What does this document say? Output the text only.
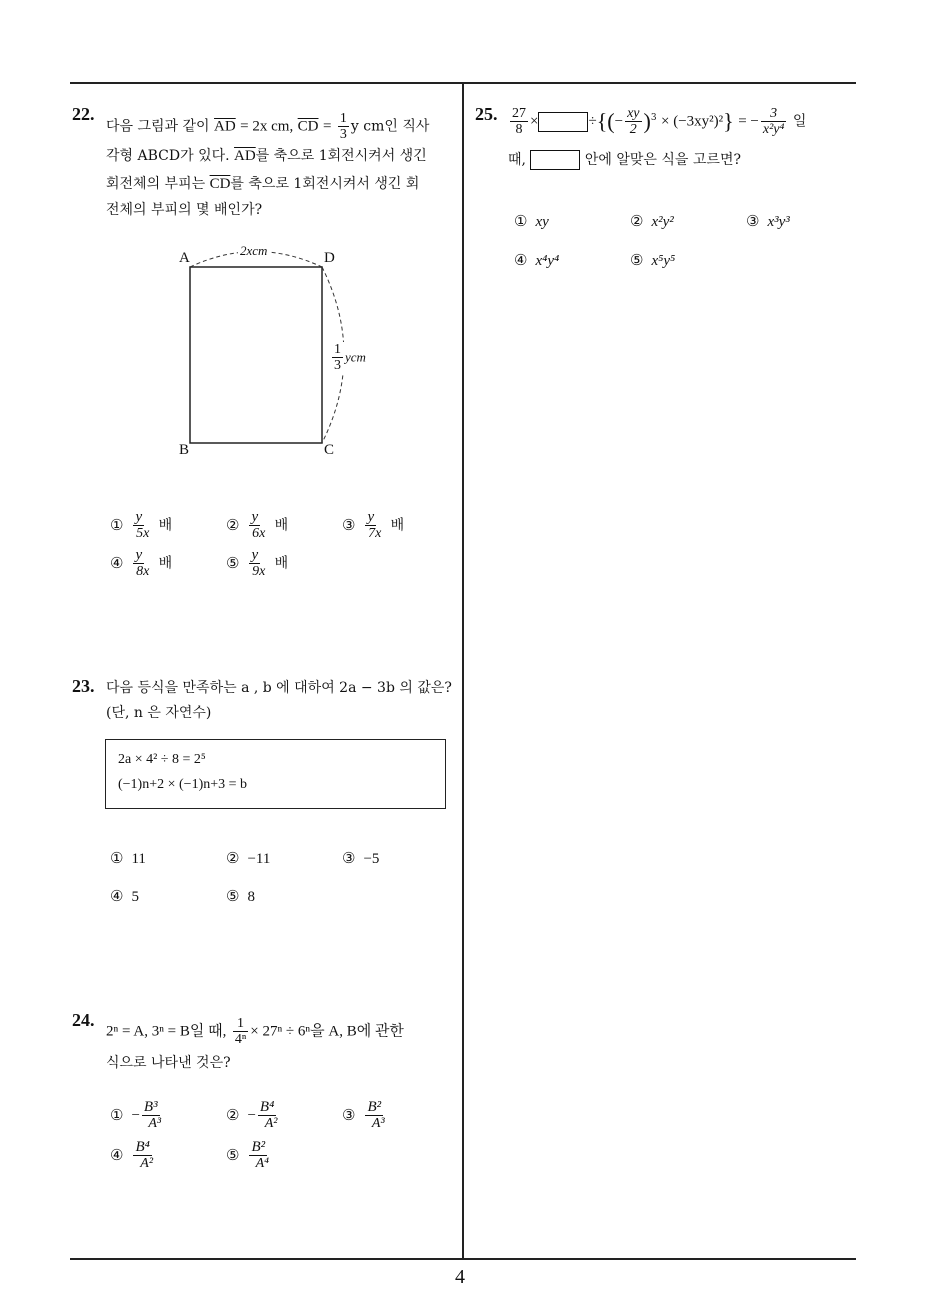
4
22.
다음 그림과 같이 $\overline{AD} = 2x$ cm, $\overline{CD} = \frac{1}{3}$ y cm인 직사
각형 ABCD가 있다. $\overline{AD}$를 축으로 1회전시켜서 생긴
회전체의 부피는 $\overline{CD}$를 축으로 1회전시켜서 생긴 회
전체의 부피의 몇 배인가?
A	D
B	C
2xcm
$\frac{1}{3}$ ycm
① $\frac{y}{5x}$ 배	② $\frac{y}{6x}$ 배	③ $\frac{y}{7x}$ 배
④ $\frac{y}{8x}$ 배	⑤ $\frac{y}{9x}$ 배
23. 다음 등식을 만족하는 a , b 에 대하여 2a − 3b 의 값은?
(단, n 은 자연수)
2a × 4² ÷ 8 = 2⁵
(−1)n+2 × (−1)n+3 = b
① 11	② −11	③ −5
④ 5	⑤ 8
24.
2ⁿ = A, 3ⁿ = B일 때, $\frac{1}{\text{4ⁿ}} \times 27^n \div 6^n$을 A, B에 관한
식으로 나타낸 것은?
① − $\frac{\text{B³}}{\text{A³}}$	② − $\frac{\text{B⁴}}{\text{A²}}$	③ $\frac{\text{B²}}{\text{A³}}$
④ $\frac{\text{B⁴}}{\text{A²}}$	⑤ $\frac{\text{B²}}{\text{A⁴}}$
25. $\frac{27}{8}$ ×	÷{(− $\frac{xy}{2} )^3 \times (-3xy^2)^2$} = − $\frac{3}{\text{x²y⁴}}$ 일
때,	안에 알맞은 식을 고르면?
① xy	② x²y²	③ x³y³
④ x⁴y⁴	⑤ x⁵y⁵
